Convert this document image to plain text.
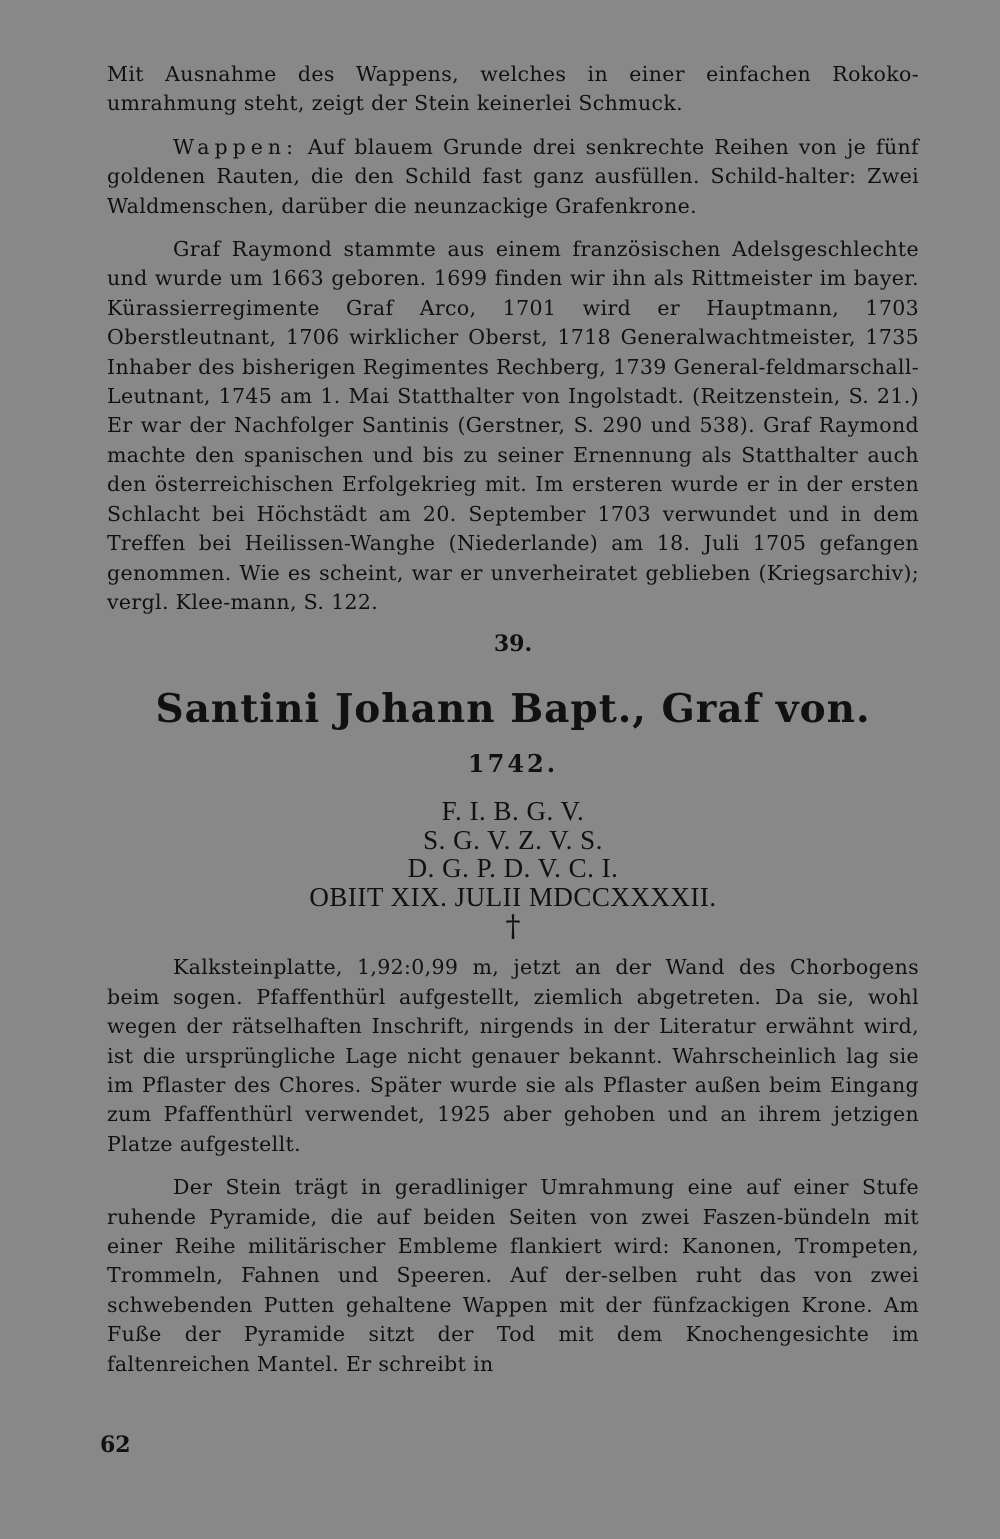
Mit Ausnahme des Wappens, welches in einer einfachen Rokoko-umrahmung steht, zeigt der Stein keinerlei Schmuck.

Wappen: Auf blauem Grunde drei senkrechte Reihen von je fünf goldenen Rauten, die den Schild fast ganz ausfüllen. Schild-halter: Zwei Waldmenschen, darüber die neunzackige Grafenkrone.

Graf Raymond stammte aus einem französischen Adelsgeschlechte und wurde um 1663 geboren. 1699 finden wir ihn als Rittmeister im bayer. Kürassierregimente Graf Arco, 1701 wird er Hauptmann, 1703 Oberstleutnant, 1706 wirklicher Oberst, 1718 Generalwachtmeister, 1735 Inhaber des bisherigen Regimentes Rechberg, 1739 General-feldmarschall-Leutnant, 1745 am 1. Mai Statthalter von Ingolstadt. (Reitzenstein, S. 21.) Er war der Nachfolger Santinis (Gerstner, S. 290 und 538). Graf Raymond machte den spanischen und bis zu seiner Ernennung als Statthalter auch den österreichischen Erfolgekrieg mit. Im ersteren wurde er in der ersten Schlacht bei Höchstädt am 20. September 1703 verwundet und in dem Treffen bei Heilissen-Wanghe (Niederlande) am 18. Juli 1705 gefangen genommen. Wie es scheint, war er unverheiratet geblieben (Kriegsarchiv); vergl. Klee-mann, S. 122.

39.
Santini Johann Bapt., Graf von.
1742.
F. I. B. G. V.
S. G. V. Z. V. S.
D. G. P. D. V. C. I.
OBIIT XIX. JULII MDCCXXXXII.
†

Kalksteinplatte, 1,92:0,99 m, jetzt an der Wand des Chorbogens beim sogen. Pfaffenthürl aufgestellt, ziemlich abgetreten. Da sie, wohl wegen der rätselhaften Inschrift, nirgends in der Literatur erwähnt wird, ist die ursprüngliche Lage nicht genauer bekannt. Wahrscheinlich lag sie im Pflaster des Chores. Später wurde sie als Pflaster außen beim Eingang zum Pfaffenthürl verwendet, 1925 aber gehoben und an ihrem jetzigen Platze aufgestellt.

Der Stein trägt in geradliniger Umrahmung eine auf einer Stufe ruhende Pyramide, die auf beiden Seiten von zwei Faszen-bündeln mit einer Reihe militärischer Embleme flankiert wird: Kanonen, Trompeten, Trommeln, Fahnen und Speeren. Auf der-selben ruht das von zwei schwebenden Putten gehaltene Wappen mit der fünfzackigen Krone. Am Fuße der Pyramide sitzt der Tod mit dem Knochengesichte im faltenreichen Mantel. Er schreibt in

62
